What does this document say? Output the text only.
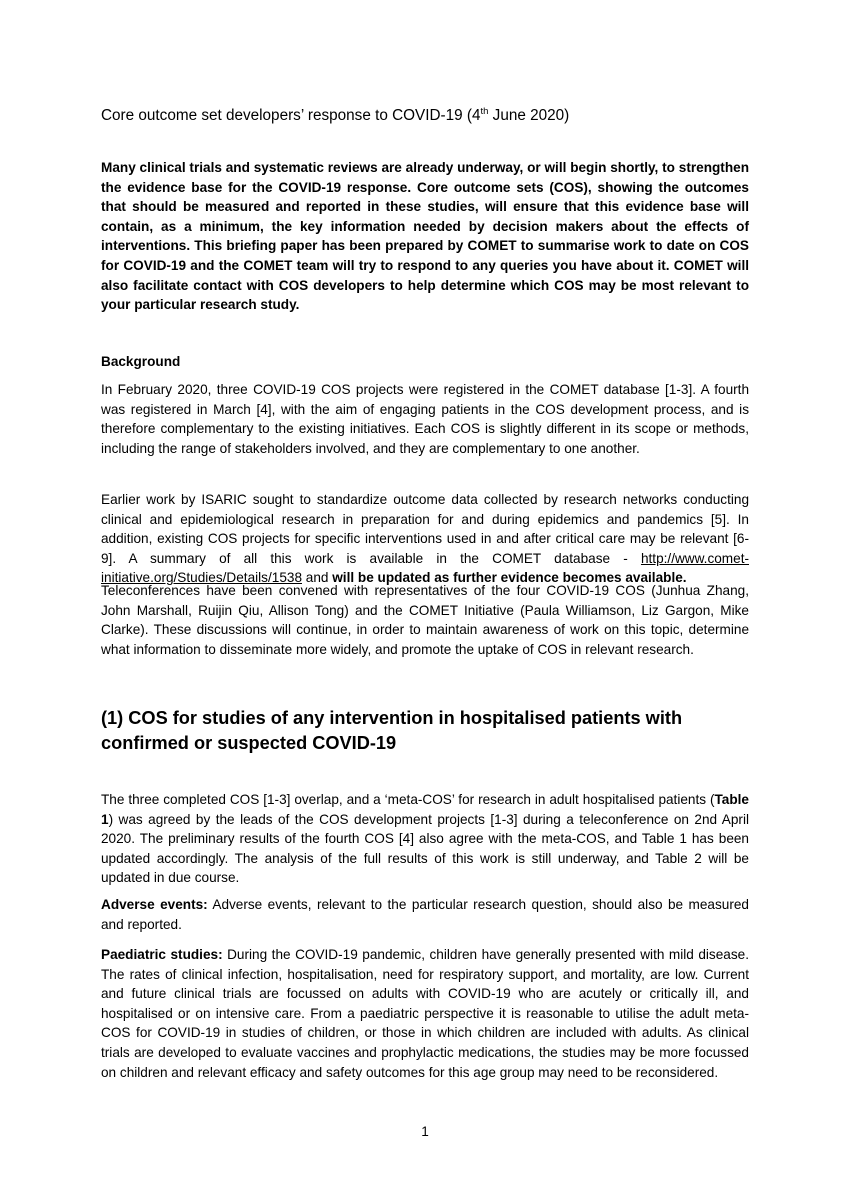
Core outcome set developers’ response to COVID-19 (4th June 2020)

Many clinical trials and systematic reviews are already underway, or will begin shortly, to strengthen the evidence base for the COVID-19 response. Core outcome sets (COS), showing the outcomes that should be measured and reported in these studies, will ensure that this evidence base will contain, as a minimum, the key information needed by decision makers about the effects of interventions. This briefing paper has been prepared by COMET to summarise work to date on COS for COVID-19 and the COMET team will try to respond to any queries you have about it. COMET will also facilitate contact with COS developers to help determine which COS may be most relevant to your particular research study.

Background

In February 2020, three COVID-19 COS projects were registered in the COMET database [1-3]. A fourth was registered in March [4], with the aim of engaging patients in the COS development process, and is therefore complementary to the existing initiatives. Each COS is slightly different in its scope or methods, including the range of stakeholders involved, and they are complementary to one another.

Earlier work by ISARIC sought to standardize outcome data collected by research networks conducting clinical and epidemiological research in preparation for and during epidemics and pandemics [5]. In addition, existing COS projects for specific interventions used in and after critical care may be relevant [6-9]. A summary of all this work is available in the COMET database - http://www.comet-initiative.org/Studies/Details/1538 and will be updated as further evidence becomes available.

Teleconferences have been convened with representatives of the four COVID-19 COS (Junhua Zhang, John Marshall, Ruijin Qiu, Allison Tong) and the COMET Initiative (Paula Williamson, Liz Gargon, Mike Clarke). These discussions will continue, in order to maintain awareness of work on this topic, determine what information to disseminate more widely, and promote the uptake of COS in relevant research.

(1) COS for studies of any intervention in hospitalised patients with confirmed or suspected COVID-19

The three completed COS [1-3] overlap, and a ‘meta-COS’ for research in adult hospitalised patients (Table 1) was agreed by the leads of the COS development projects [1-3] during a teleconference on 2nd April 2020. The preliminary results of the fourth COS [4] also agree with the meta-COS, and Table 1 has been updated accordingly. The analysis of the full results of this work is still underway, and Table 2 will be updated in due course.

Adverse events: Adverse events, relevant to the particular research question, should also be measured and reported.

Paediatric studies: During the COVID-19 pandemic, children have generally presented with mild disease. The rates of clinical infection, hospitalisation, need for respiratory support, and mortality, are low. Current and future clinical trials are focussed on adults with COVID-19 who are acutely or critically ill, and hospitalised or on intensive care. From a paediatric perspective it is reasonable to utilise the adult meta-COS for COVID-19 in studies of children, or those in which children are included with adults. As clinical trials are developed to evaluate vaccines and prophylactic medications, the studies may be more focussed on children and relevant efficacy and safety outcomes for this age group may need to be reconsidered.

1
